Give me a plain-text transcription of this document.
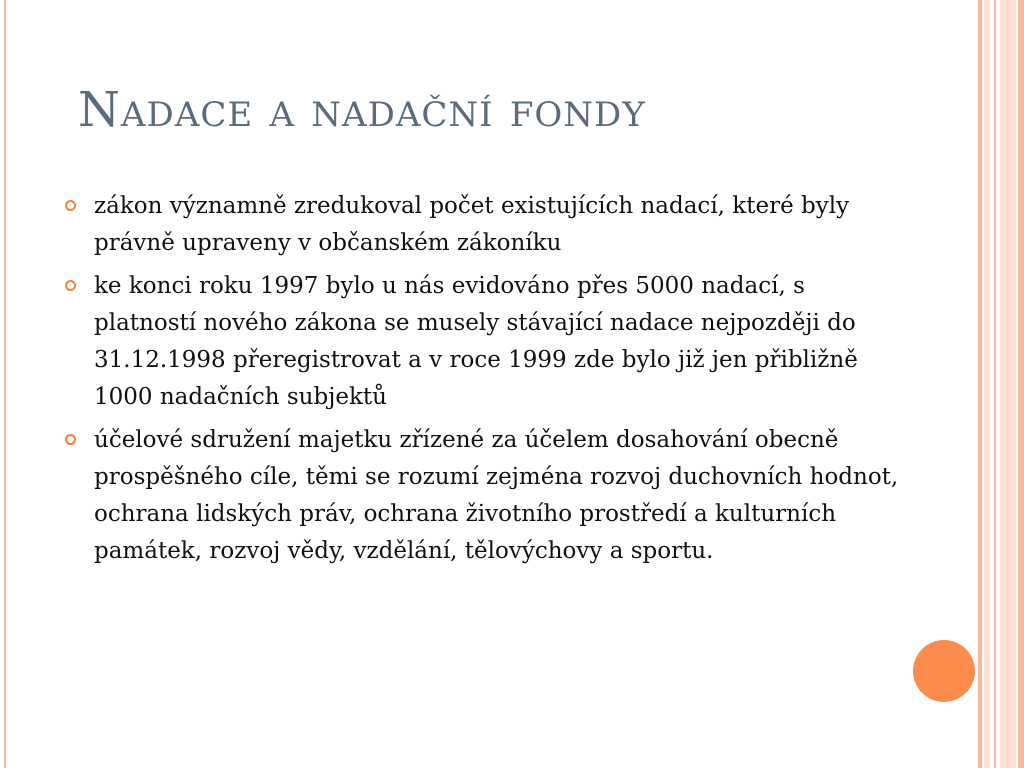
Nadace a nadační fondy
zákon významně zredukoval počet existujících nadací, které byly právně upraveny v občanském zákoníku
ke konci roku 1997 bylo u nás evidováno přes 5000 nadací, s platností nového zákona se musely stávající nadace nejpozději do 31.12.1998 přeregistrovat a v roce 1999 zde bylo již jen přibližně 1000 nadačních subjektů
účelové sdružení majetku zřízené za účelem dosahování obecně prospěšného cíle, těmi se rozumí zejména rozvoj duchovních hodnot, ochrana lidských práv, ochrana životního prostředí a kulturních památek, rozvoj vědy, vzdělání, tělovýchovy a sportu.
